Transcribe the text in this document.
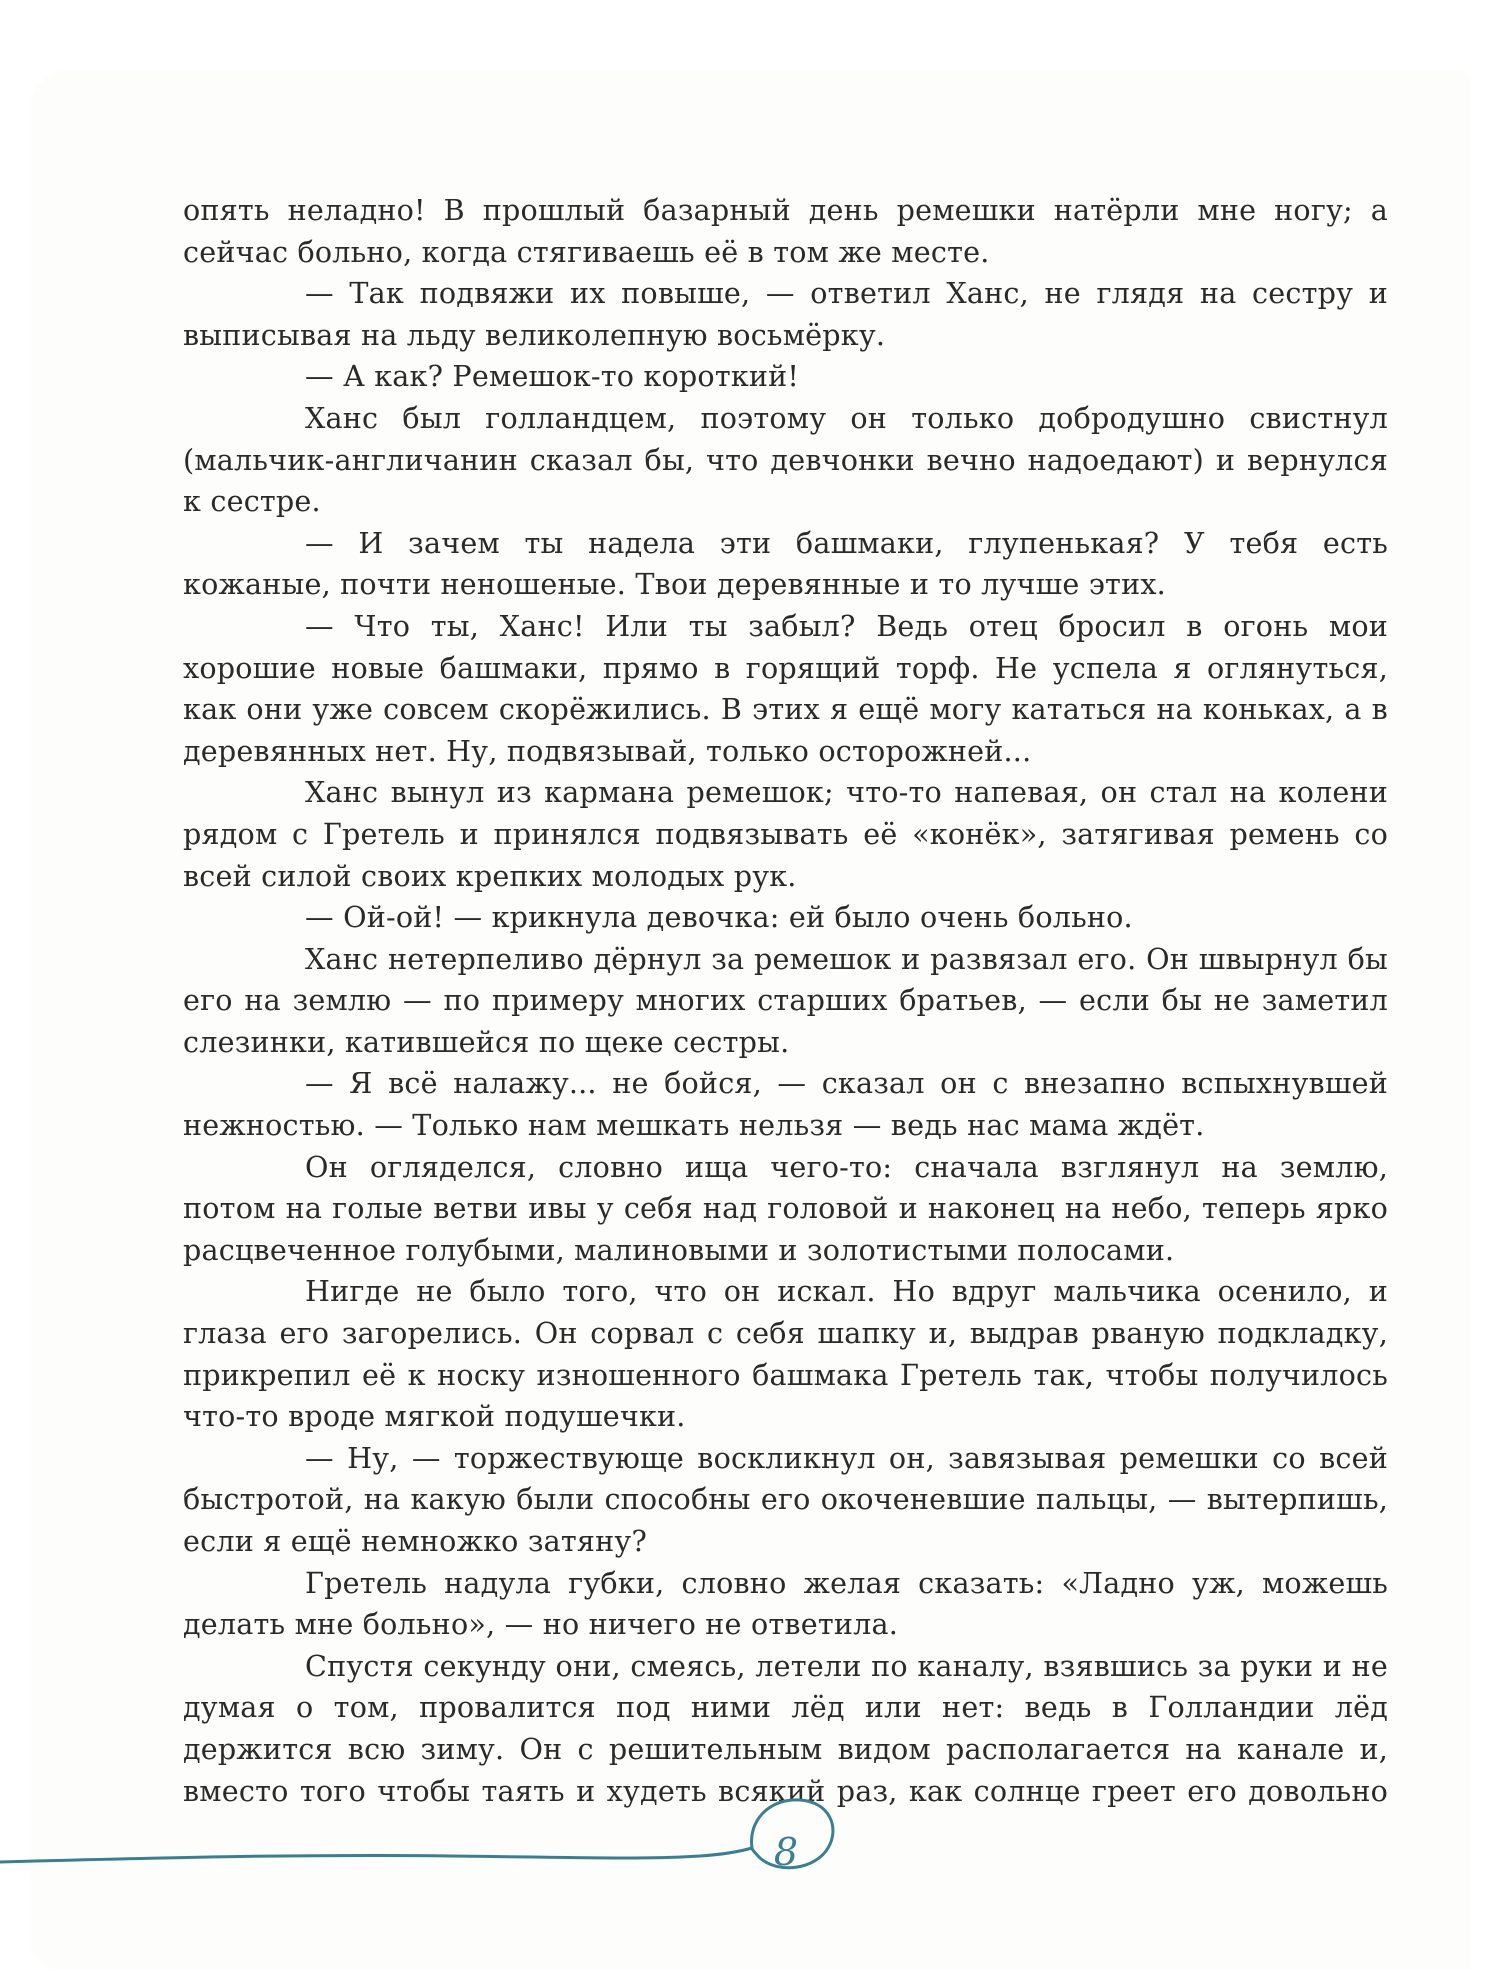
опять неладно! В прошлый базарный день ремешки натёрли мне ногу; а сейчас больно, когда стягиваешь её в том же месте.

— Так подвяжи их повыше, — ответил Ханс, не глядя на сестру и выписывая на льду великолепную восьмёрку.

— А как? Ремешок-то короткий!

Ханс был голландцем, поэтому он только добродушно свистнул (мальчик-англичанин сказал бы, что девчонки вечно надоедают) и вернулся к сестре.

— И зачем ты надела эти башмаки, глупенькая? У тебя есть кожаные, почти неношеные. Твои деревянные и то лучше этих.

— Что ты, Ханс! Или ты забыл? Ведь отец бросил в огонь мои хорошие новые башмаки, прямо в горящий торф. Не успела я оглянуться, как они уже совсем скорёжились. В этих я ещё могу кататься на коньках, а в деревянных нет. Ну, подвязывай, только осторожней...

Ханс вынул из кармана ремешок; что-то напевая, он стал на колени рядом с Гретель и принялся подвязывать её «конёк», затягивая ремень со всей силой своих крепких молодых рук.

— Ой-ой! — крикнула девочка: ей было очень больно.

Ханс нетерпеливо дёрнул за ремешок и развязал его. Он швырнул бы его на землю — по примеру многих старших братьев, — если бы не заметил слезинки, катившейся по щеке сестры.

— Я всё налажу... не бойся, — сказал он с внезапно вспыхнувшей нежностью. — Только нам мешкать нельзя — ведь нас мама ждёт.

Он огляделся, словно ища чего-то: сначала взглянул на землю, потом на голые ветви ивы у себя над головой и наконец на небо, теперь ярко расцвеченное голубыми, малиновыми и золотистыми полосами.

Нигде не было того, что он искал. Но вдруг мальчика осенило, и глаза его загорелись. Он сорвал с себя шапку и, выдрав рваную подкладку, прикрепил её к носку изношенного башмака Гретель так, чтобы получилось что-то вроде мягкой подушечки.

— Ну, — торжествующе воскликнул он, завязывая ремешки со всей быстротой, на какую были способны его окоченевшие пальцы, — вытерпишь, если я ещё немножко затяну?

Гретель надула губки, словно желая сказать: «Ладно уж, можешь делать мне больно», — но ничего не ответила.

Спустя секунду они, смеясь, летели по каналу, взявшись за руки и не думая о том, провалится под ними лёд или нет: ведь в Голландии лёд держится всю зиму. Он с решительным видом располагается на канале и, вместо того чтобы таять и худеть всякий раз, как солнце греет его довольно

8
